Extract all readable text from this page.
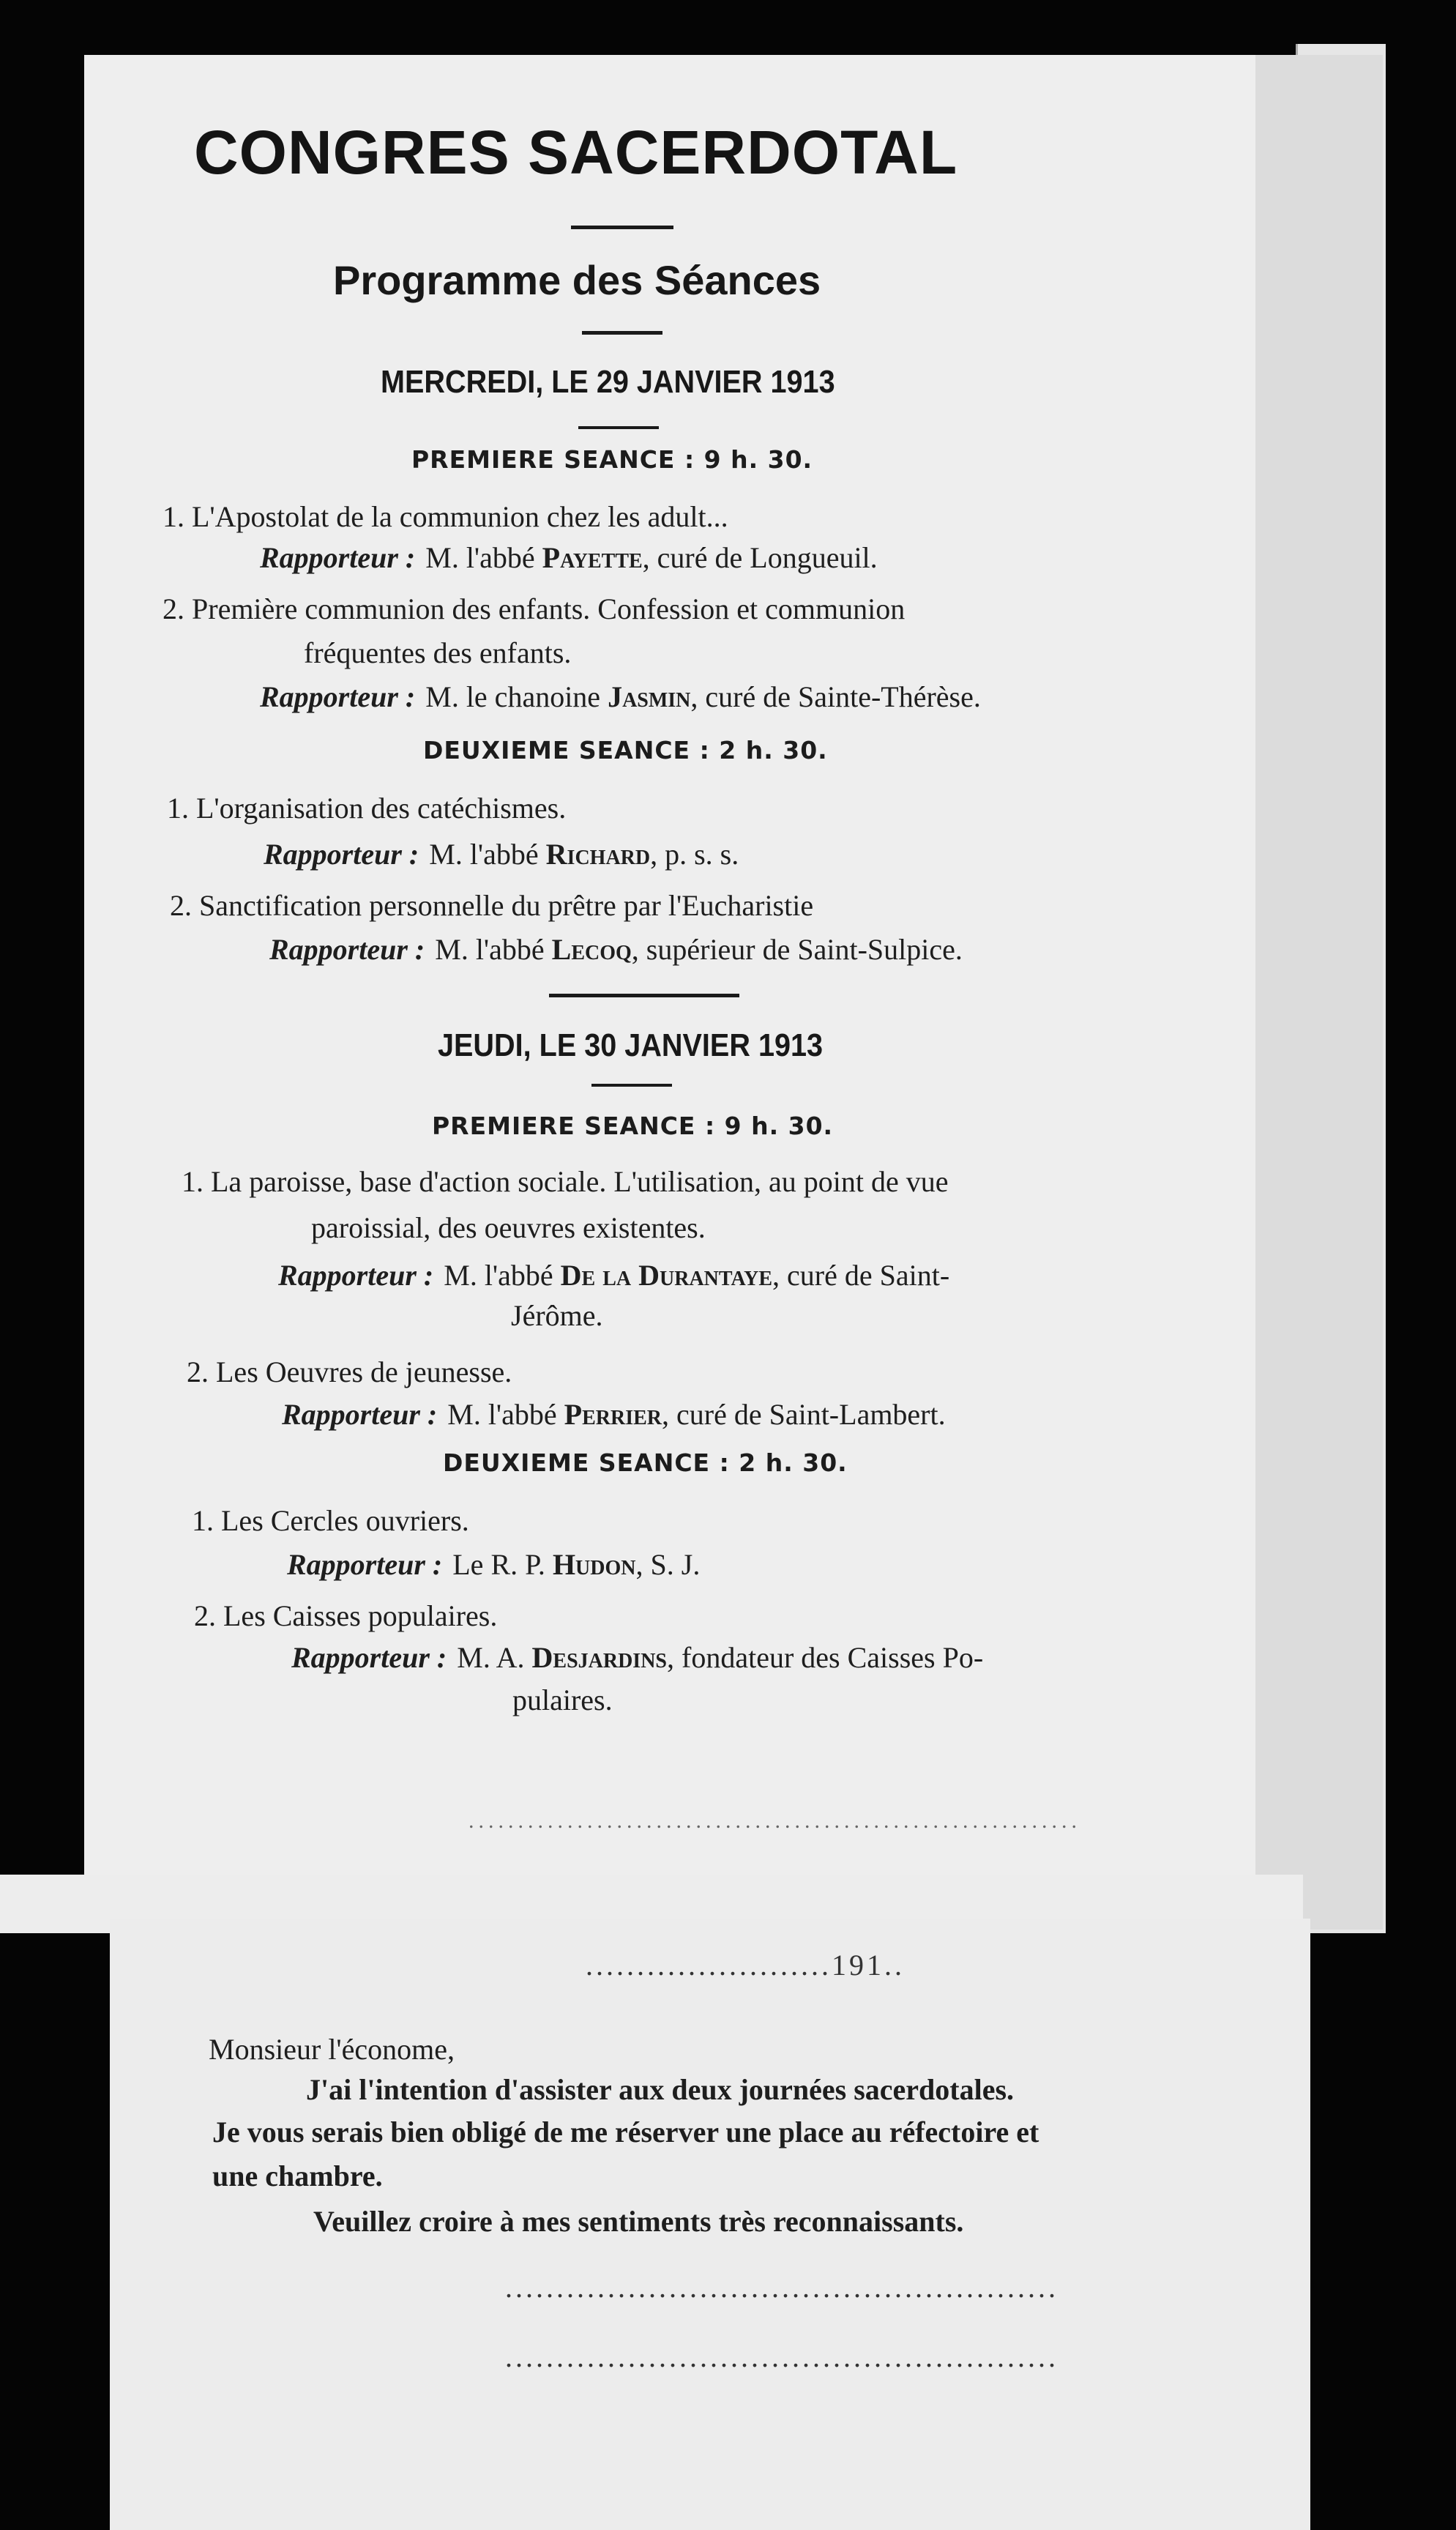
CONGRES SACERDOTAL
Programme des Séances
MERCREDI, LE 29 JANVIER 1913
PREMIERE SEANCE : 9 h. 30.
1. L'Apostolat de la communion chez les adult...
Rapporteur : M. l'abbé Payette, curé de Longueuil.
2. Première communion des enfants. Confession et communion
fréquentes des enfants.
Rapporteur : M. le chanoine Jasmin, curé de Sainte-Thérèse.
DEUXIEME SEANCE : 2 h. 30.
1. L'organisation des catéchismes.
Rapporteur : M. l'abbé Richard, p. s. s.
2. Sanctification personnelle du prêtre par l'Eucharistie
Rapporteur : M. l'abbé Lecoq, supérieur de Saint-Sulpice.
JEUDI, LE 30 JANVIER 1913
PREMIERE SEANCE : 9 h. 30.
1. La paroisse, base d'action sociale. L'utilisation, au point de vue
paroissial, des oeuvres existentes.
Rapporteur : M. l'abbé De la Durantaye, curé de Saint-
Jérôme.
2. Les Oeuvres de jeunesse.
Rapporteur : M. l'abbé Perrier, curé de Saint-Lambert.
DEUXIEME SEANCE : 2 h. 30.
1. Les Cercles ouvriers.
Rapporteur : Le R. P. Hudon, S. J.
2. Les Caisses populaires.
Rapporteur : M. A. Desjardins, fondateur des Caisses Po-
pulaires.
..............................................................
........................191..
Monsieur l'économe,
J'ai l'intention d'assister aux deux journées sacerdotales.
Je vous serais bien obligé de me réserver une place au réfectoire et
une chambre.
Veuillez croire à mes sentiments très reconnaissants.
......................................................
......................................................
